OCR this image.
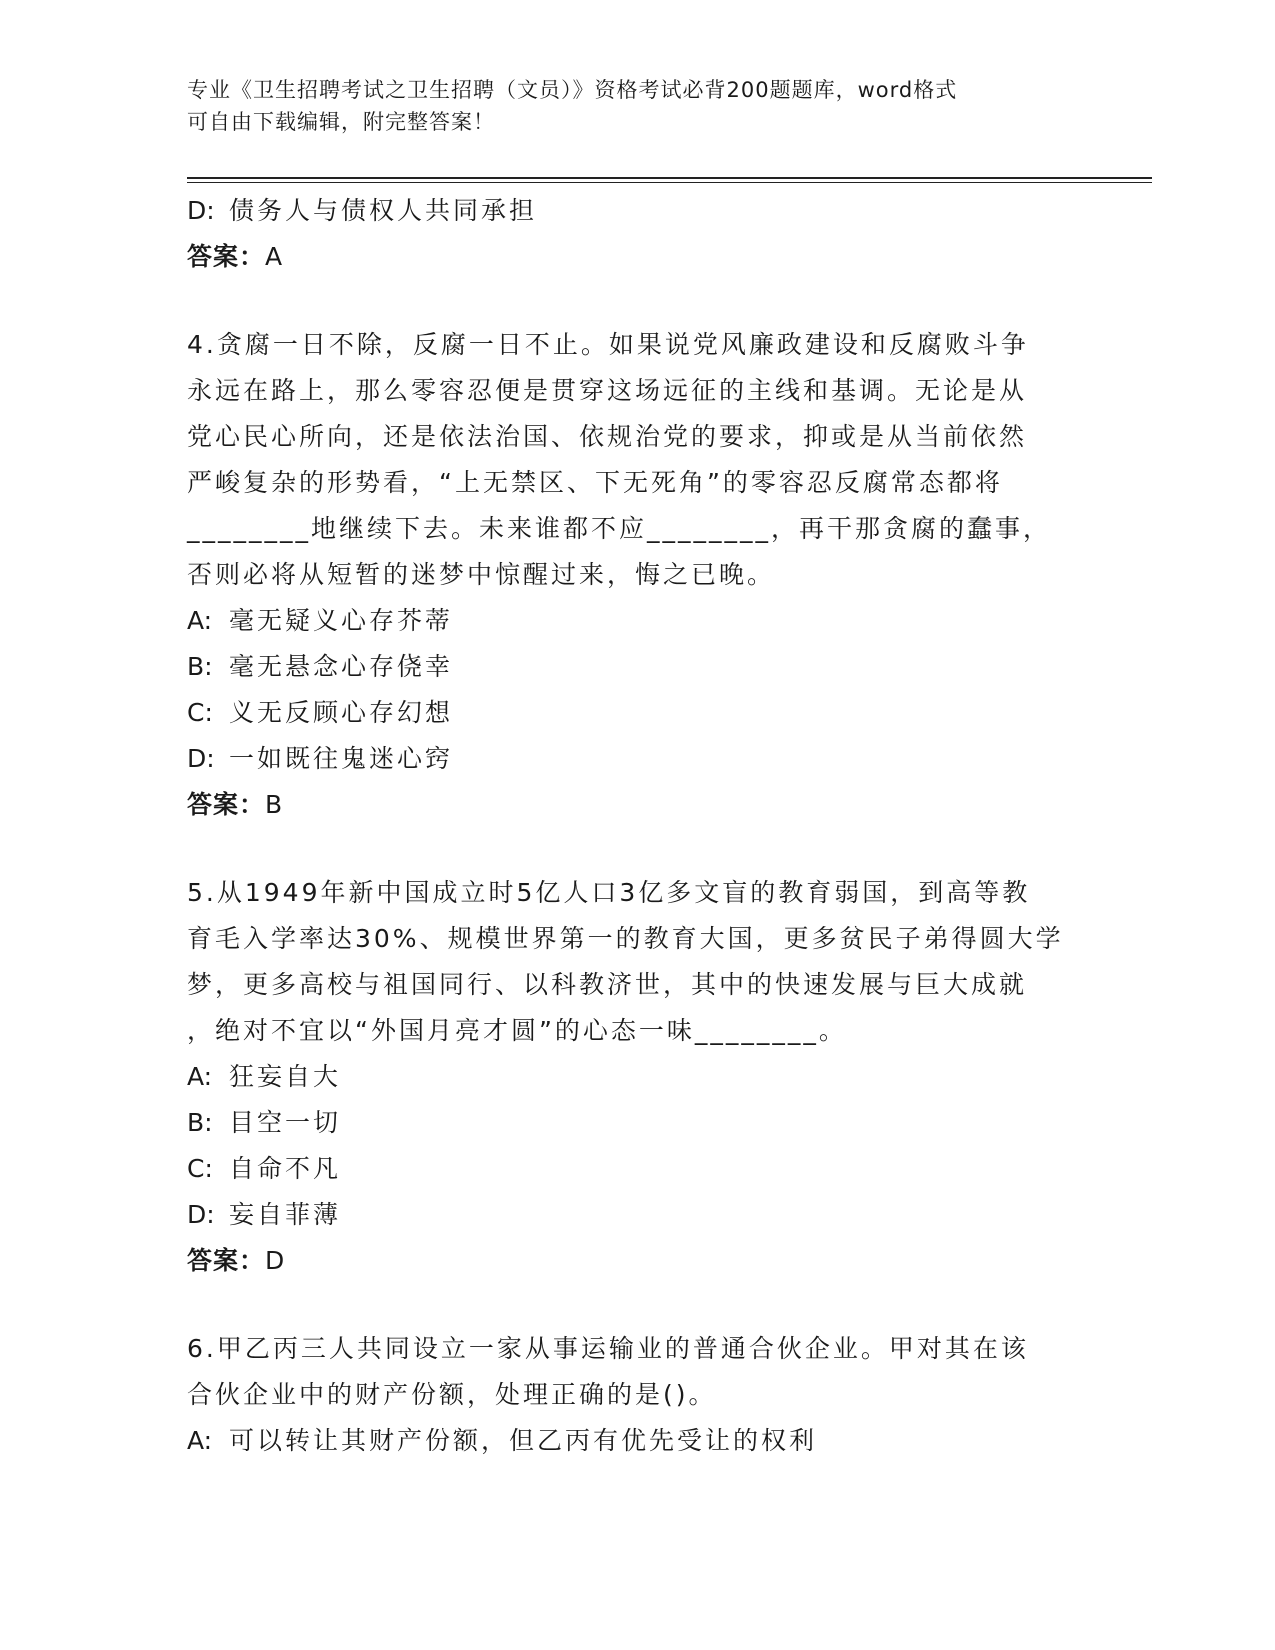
专业《卫生招聘考试之卫生招聘（文员）》资格考试必背200题题库，word格式
可自由下载编辑，附完整答案！
D: 债务人与债权人共同承担
答案：A
4.贪腐一日不除，反腐一日不止。如果说党风廉政建设和反腐败斗争
永远在路上，那么零容忍便是贯穿这场远征的主线和基调。无论是从
党心民心所向，还是依法治国、依规治党的要求，抑或是从当前依然
严峻复杂的形势看，“上无禁区、下无死角”的零容忍反腐常态都将
________地继续下去。未来谁都不应________，再干那贪腐的蠢事，
否则必将从短暂的迷梦中惊醒过来，悔之已晚。
A: 毫无疑义心存芥蒂
B: 毫无悬念心存侥幸
C: 义无反顾心存幻想
D: 一如既往鬼迷心窍
答案：B
5.从1949年新中国成立时5亿人口3亿多文盲的教育弱国，到高等教
育毛入学率达30%、规模世界第一的教育大国，更多贫民子弟得圆大学
梦，更多高校与祖国同行、以科教济世，其中的快速发展与巨大成就
，绝对不宜以“外国月亮才圆”的心态一味________。
A: 狂妄自大
B: 目空一切
C: 自命不凡
D: 妄自菲薄
答案：D
6.甲乙丙三人共同设立一家从事运输业的普通合伙企业。甲对其在该
合伙企业中的财产份额，处理正确的是()。
A: 可以转让其财产份额，但乙丙有优先受让的权利
